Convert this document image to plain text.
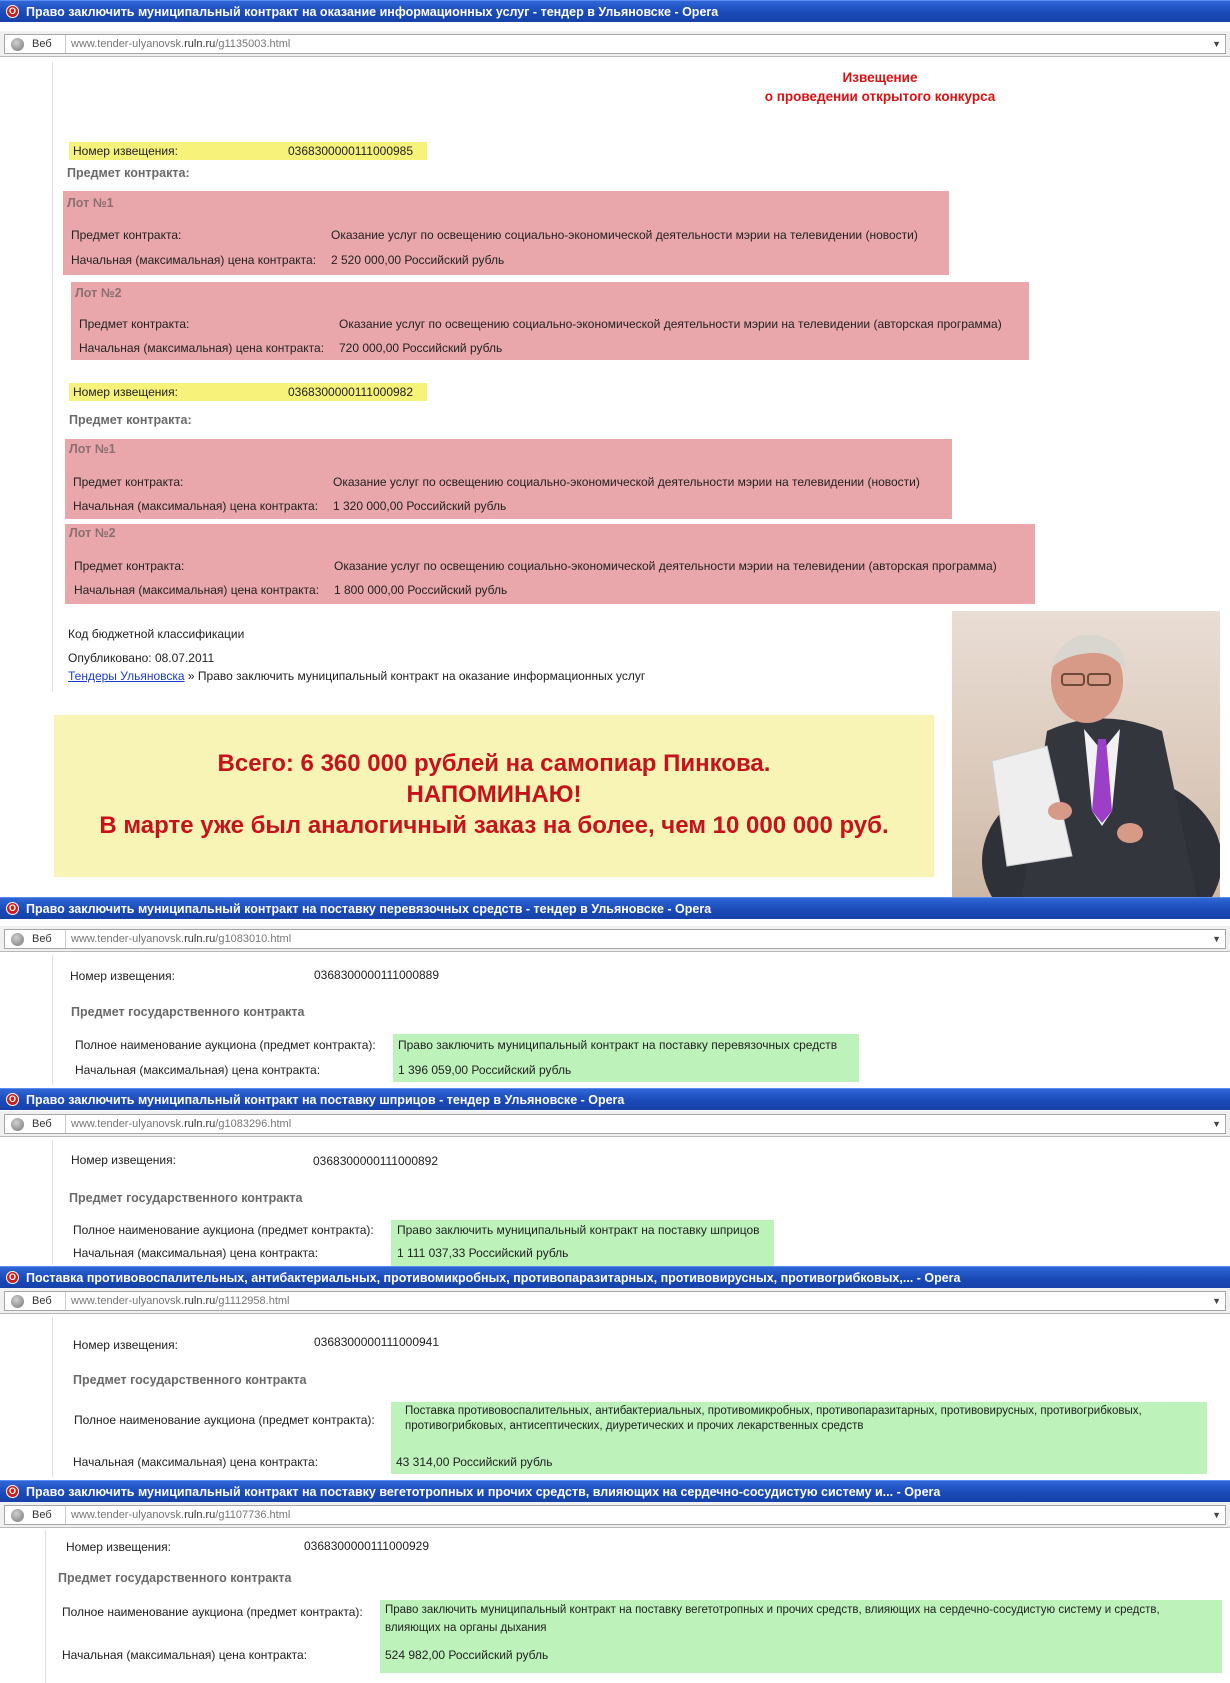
O Право заключить муниципальный контракт на оказание информационных услуг - тендер в Ульяновске - Opera
Веб	www.tender-ulyanovsk.ruln.ru/g1135003.html	▼
Извещение
о проведении открытого конкурса
Номер извещения:	0368300000111000985
Предмет контракта:
Лот №1
Предмет контракта:	Оказание услуг по освещению социально-экономической деятельности мэрии на телевидении (новости)
Начальная (максимальная) цена контракта: 2 520 000,00 Российский рубль
Лот №2
Предмет контракта:	Оказание услуг по освещению социально-экономической деятельности мэрии на телевидении (авторская программа)
Начальная (максимальная) цена контракта: 720 000,00 Российский рубль
Номер извещения:	0368300000111000982
Предмет контракта:
Лот №1
Предмет контракта:	Оказание услуг по освещению социально-экономической деятельности мэрии на телевидении (новости)
Начальная (максимальная) цена контракта: 1 320 000,00 Российский рубль
Лот №2
Предмет контракта:	Оказание услуг по освещению социально-экономической деятельности мэрии на телевидении (авторская программа)
Начальная (максимальная) цена контракта: 1 800 000,00 Российский рубль
Код бюджетной классификации
Опубликовано: 08.07.2011
Тендеры Ульяновска » Право заключить муниципальный контракт на оказание информационных услуг
Всего: 6 360 000 рублей на самопиар Пинкова.
НАПОМИНАЮ!
В марте уже был аналогичный заказ на более, чем 10 000 000 руб.
O Право заключить муниципальный контракт на поставку перевязочных средств - тендер в Ульяновске - Opera
Веб	www.tender-ulyanovsk.ruln.ru/g1083010.html	▼
Номер извещения:	0368300000111000889
Предмет государственного контракта
Полное наименование аукциона (предмет контракта): Право заключить муниципальный контракт на поставку перевязочных средств
Начальная (максимальная) цена контракта:	1 396 059,00 Российский рубль
O Право заключить муниципальный контракт на поставку шприцов - тендер в Ульяновске - Opera
Веб	www.tender-ulyanovsk.ruln.ru/g1083296.html	▼
Номер извещения:	0368300000111000892
Предмет государственного контракта
Полное наименование аукциона (предмет контракта): Право заключить муниципальный контракт на поставку шприцов
Начальная (максимальная) цена контракта:	1 111 037,33 Российский рубль
O Поставка противовоспалительных, антибактериальных, противомикробных, противопаразитарных, противовирусных, противогрибковых,... - Opera
Веб	www.tender-ulyanovsk.ruln.ru/g1112958.html	▼
Номер извещения:	0368300000111000941
Предмет государственного контракта
Полное наименование аукциона (предмет контракта):
Поставка противовоспалительных, антибактериальных, противомикробных, противопаразитарных, противовирусных, противогрибковых,
противогрибковых, антисептических, диуретических и прочих лекарственных средств
Начальная (максимальная) цена контракта:	43 314,00 Российский рубль
O Право заключить муниципальный контракт на поставку вегетотропных и прочих средств, влияющих на сердечно-сосудистую систему и... - Opera
Веб	www.tender-ulyanovsk.ruln.ru/g1107736.html	▼
Номер извещения:	0368300000111000929
Предмет государственного контракта
Полное наименование аукциона (предмет контракта): Право заключить муниципальный контракт на поставку вегетотропных и прочих средств, влияющих на сердечно-сосудистую систему и средств,
влияющих на органы дыхания
Начальная (максимальная) цена контракта:	524 982,00 Российский рубль
